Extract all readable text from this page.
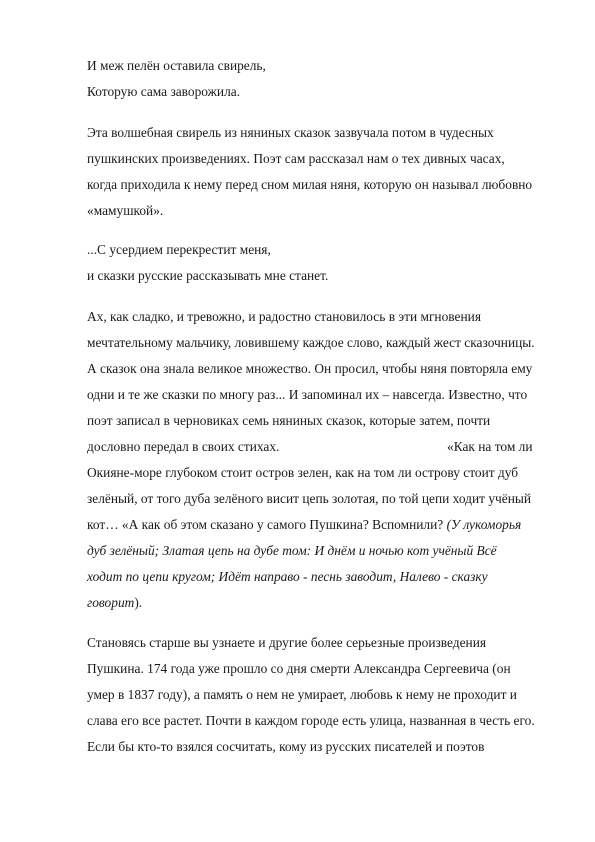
И меж пелён оставила свирель,
Которую сама заворожила.
Эта волшебная свирель из няниных сказок зазвучала потом в чудесных
пушкинских произведениях. Поэт сам рассказал нам о тех дивных часах,
когда приходила к нему перед сном милая няня, которую он называл любовно
«мамушкой».
...С усердием перекрестит меня,
и сказки русские рассказывать мне станет.
Ах, как сладко, и тревожно, и радостно становилось в эти мгновения
мечтательному мальчику, ловившему каждое слово, каждый жест сказочницы.
А сказок она знала великое множество. Он просил, чтобы няня повторяла ему
одни и те же сказки по многу раз... И запоминал их – навсегда. Известно, что
поэт записал в черновиках семь няниных сказок, которые затем, почти
дословно передал в своих стихах.	«Как на том ли
Окияне-море глубоком стоит остров зелен, как на том ли острову стоит дуб
зелёный, от того дуба зелёного висит цепь золотая, по той цепи ходит учёный
кот… «А как об этом сказано у самого Пушкина? Вспомнили? (У лукоморья
дуб зелёный; Златая цепь на дубе том: И днём и ночью кот учёный Всё
ходит по цепи кругом; Идёт направо - песнь заводит, Налево - сказку
говорит).
Становясь старше вы узнаете и другие более серьезные произведения
Пушкина. 174 года уже прошло со дня смерти Александра Сергеевича (он
умер в 1837 году), а память о нем не умирает, любовь к нему не проходит и
слава его все растет. Почти в каждом городе есть улица, названная в честь его.
Если бы кто-то взялся сосчитать, кому из русских писателей и поэтов
